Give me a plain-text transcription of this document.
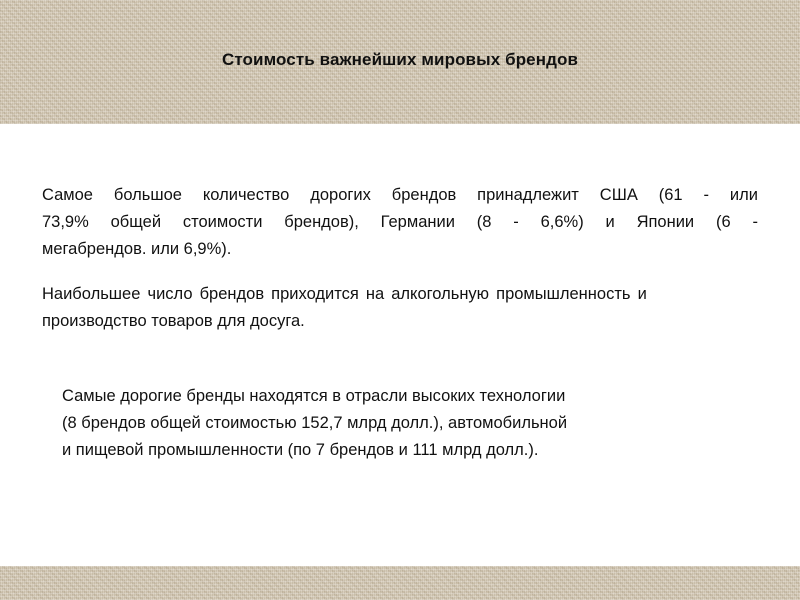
Стоимость важнейших мировых брендов

Самое большое количество дорогих брендов принадлежит США (61 - или
73,9% общей стоимости брендов), Германии (8 - 6,6%) и Японии (6 -
мегабрендов. или 6,9%).

Наибольшее число брендов приходится на алкогольную промышленность и
производство товаров для досуга.

Самые дорогие бренды находятся в отрасли высоких технологии
(8 брендов общей стоимостью 152,7 млрд долл.), автомобильной
и пищевой промышленности (по 7 брендов и 111 млрд долл.).
